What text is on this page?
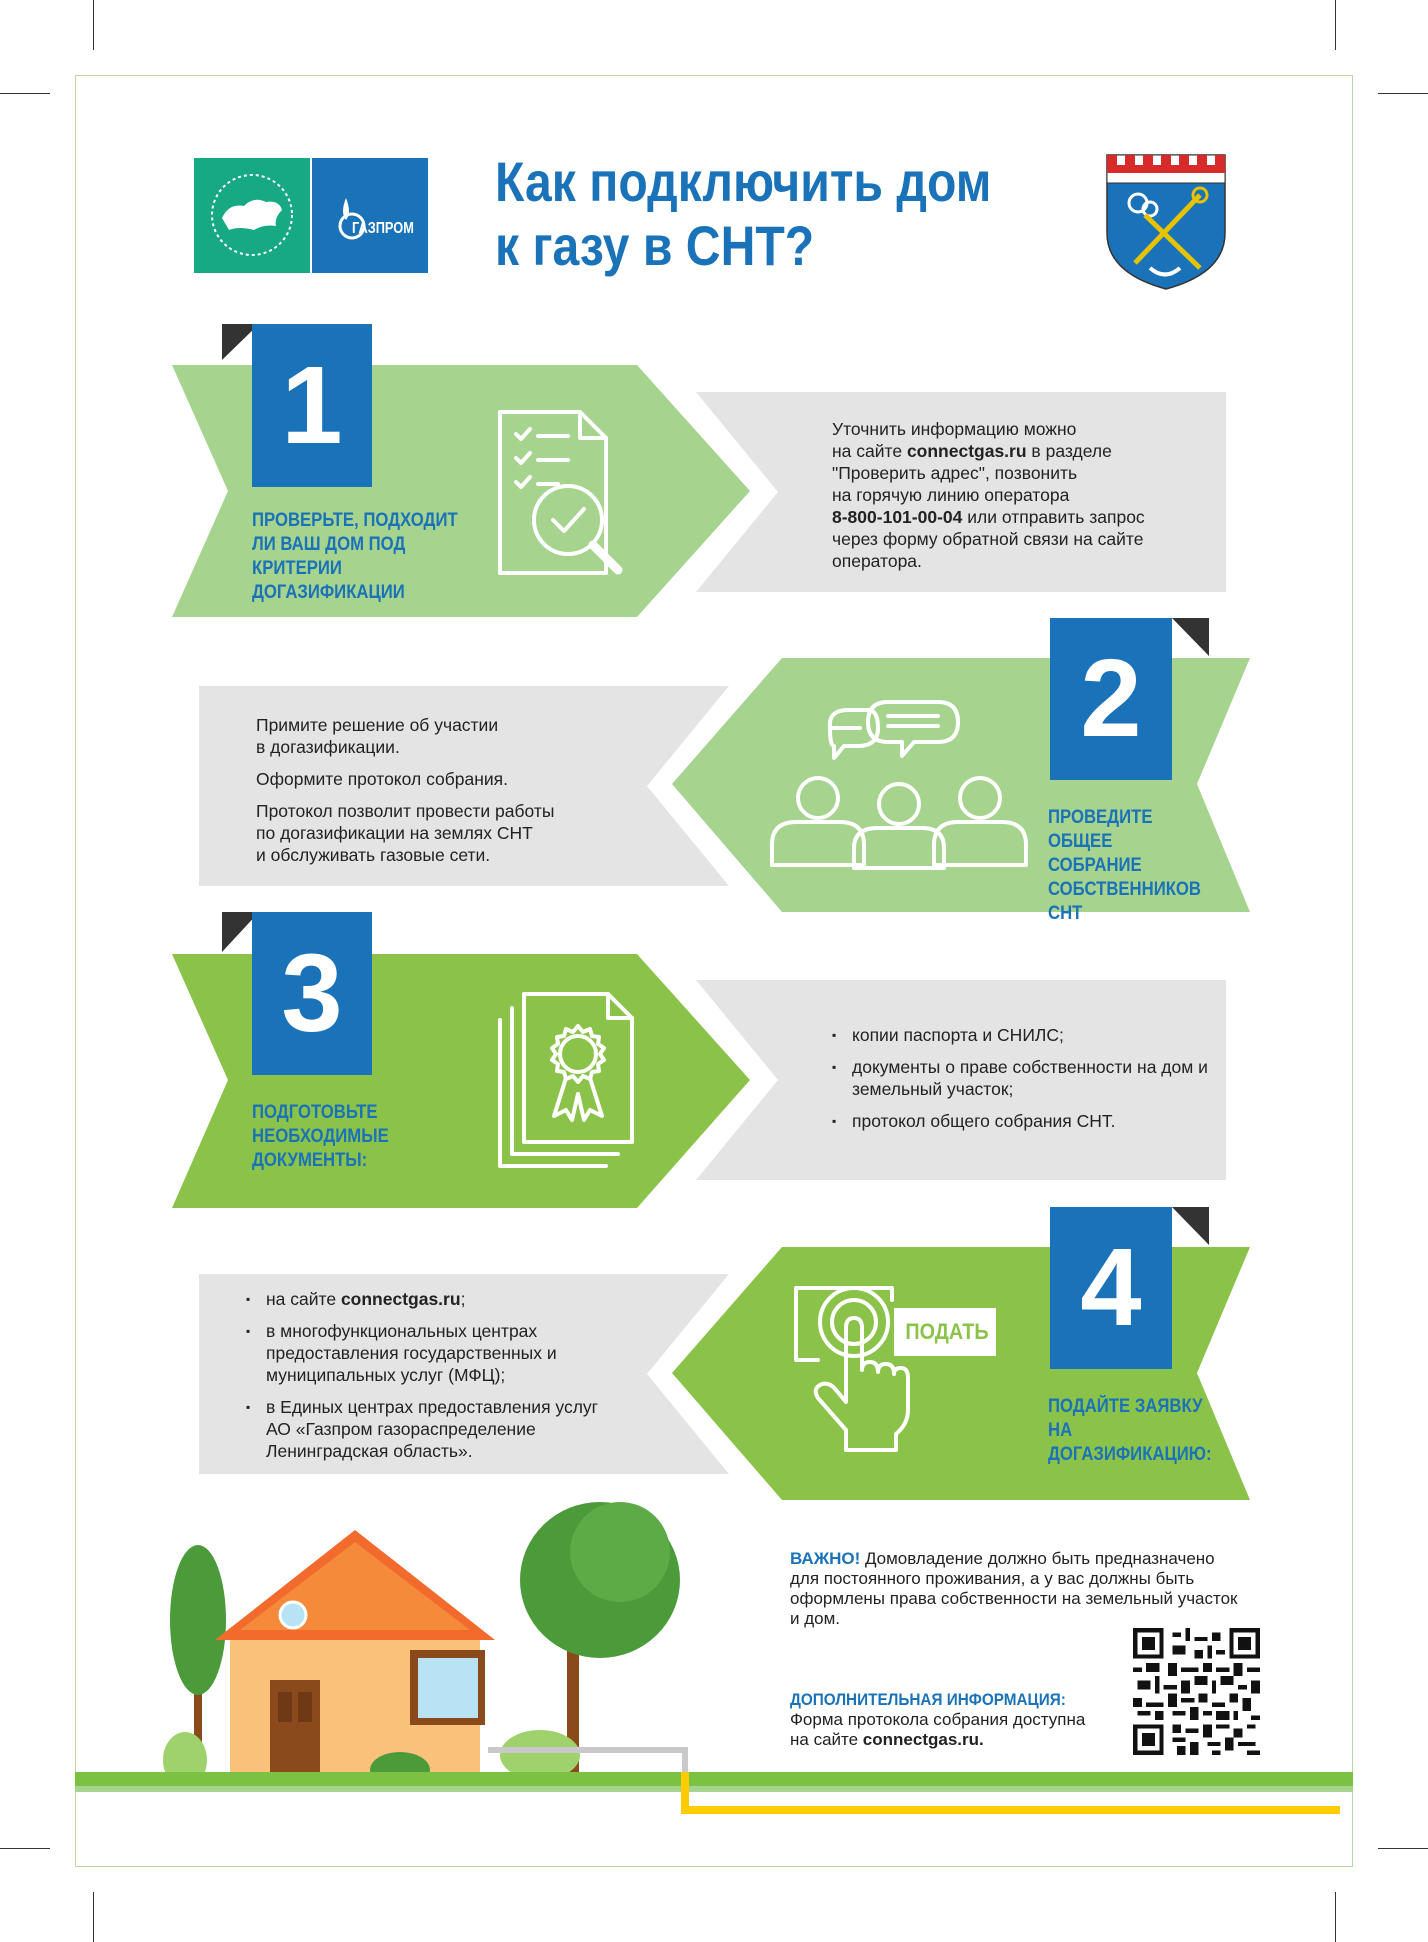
ГАЗПРОМ
Как подключить дом
к газу в СНТ?
1
ПРОВЕРЬТЕ, ПОДХОДИТ ЛИ ВАШ ДОМ ПОД КРИТЕРИИ ДОГАЗИФИКАЦИИ
Уточнить информацию можно
на сайте connectgas.ru в разделе
"Проверить адрес", позвонить
на горячую линию оператора
8-800-101-00-04 или отправить запрос
через форму обратной связи на сайте
оператора.
2
ПРОВЕДИТЕ ОБЩЕЕ СОБРАНИЕ СОБСТВЕННИКОВ СНТ

Примите решение об участии
в догазификации.

Оформите протокол собрания.

Протокол позволит провести работы
по догазификации на землях СНТ
и обслуживать газовые сети.

3
ПОДГОТОВЬТЕ НЕОБХОДИМЫЕ ДОКУМЕНТЫ:
▪ копии паспорта и СНИЛС;
▪ документы о праве собственности на дом и земельный участок;
▪ протокол общего собрания СНТ.
4
ПОДАЙТЕ ЗАЯВКУ НА ДОГАЗИФИКАЦИЮ:
ПОДАТЬ
▪ на сайте connectgas.ru;
▪ в многофункциональных центрах предоставления государственных и муниципальных услуг (МФЦ);
▪ в Единых центрах предоставления услуг АО «Газпром газораспределение Ленинградская область».
ВАЖНО! Домовладение должно быть предназначено для постоянного проживания, а у вас должны быть оформлены права собственности на земельный участок и дом.
ДОПОЛНИТЕЛЬНАЯ ИНФОРМАЦИЯ:
Форма протокола собрания доступна
на сайте connectgas.ru.
